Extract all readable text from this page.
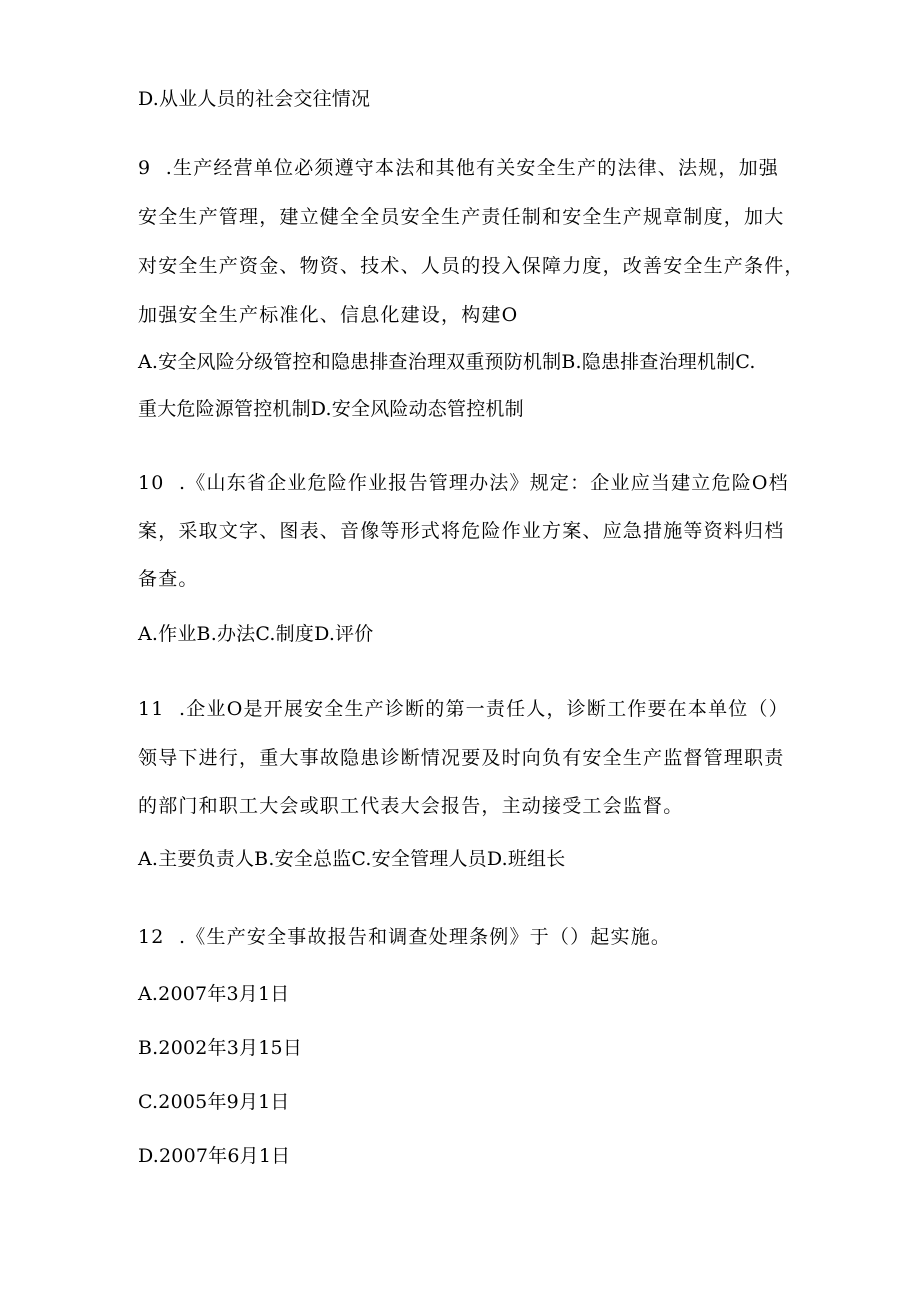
D.从业人员的社会交往情况
9  .生产经营单位必须遵守本法和其他有关安全生产的法律、法规，加强
安全生产管理，建立健全全员安全生产责任制和安全生产规章制度，加大
对安全生产资金、物资、技术、人员的投入保障力度，改善安全生产条件，
加强安全生产标准化、信息化建设，构建O
A.安全风险分级管控和隐患排查治理双重预防机制B.隐患排查治理机制C.
重大危险源管控机制D.安全风险动态管控机制
10  .《山东省企业危险作业报告管理办法》规定：企业应当建立危险O档
案，采取文字、图表、音像等形式将危险作业方案、应急措施等资料归档
备查。
A.作业B.办法C.制度D.评价
11  .企业O是开展安全生产诊断的第一责任人，诊断工作要在本单位（）
领导下进行，重大事故隐患诊断情况要及时向负有安全生产监督管理职责
的部门和职工大会或职工代表大会报告，主动接受工会监督。
A.主要负责人B.安全总监C.安全管理人员D.班组长
12  .《生产安全事故报告和调查处理条例》于（）起实施。
A.2007年3月1日
B.2002年3月15日
C.2005年9月1日
D.2007年6月1日
